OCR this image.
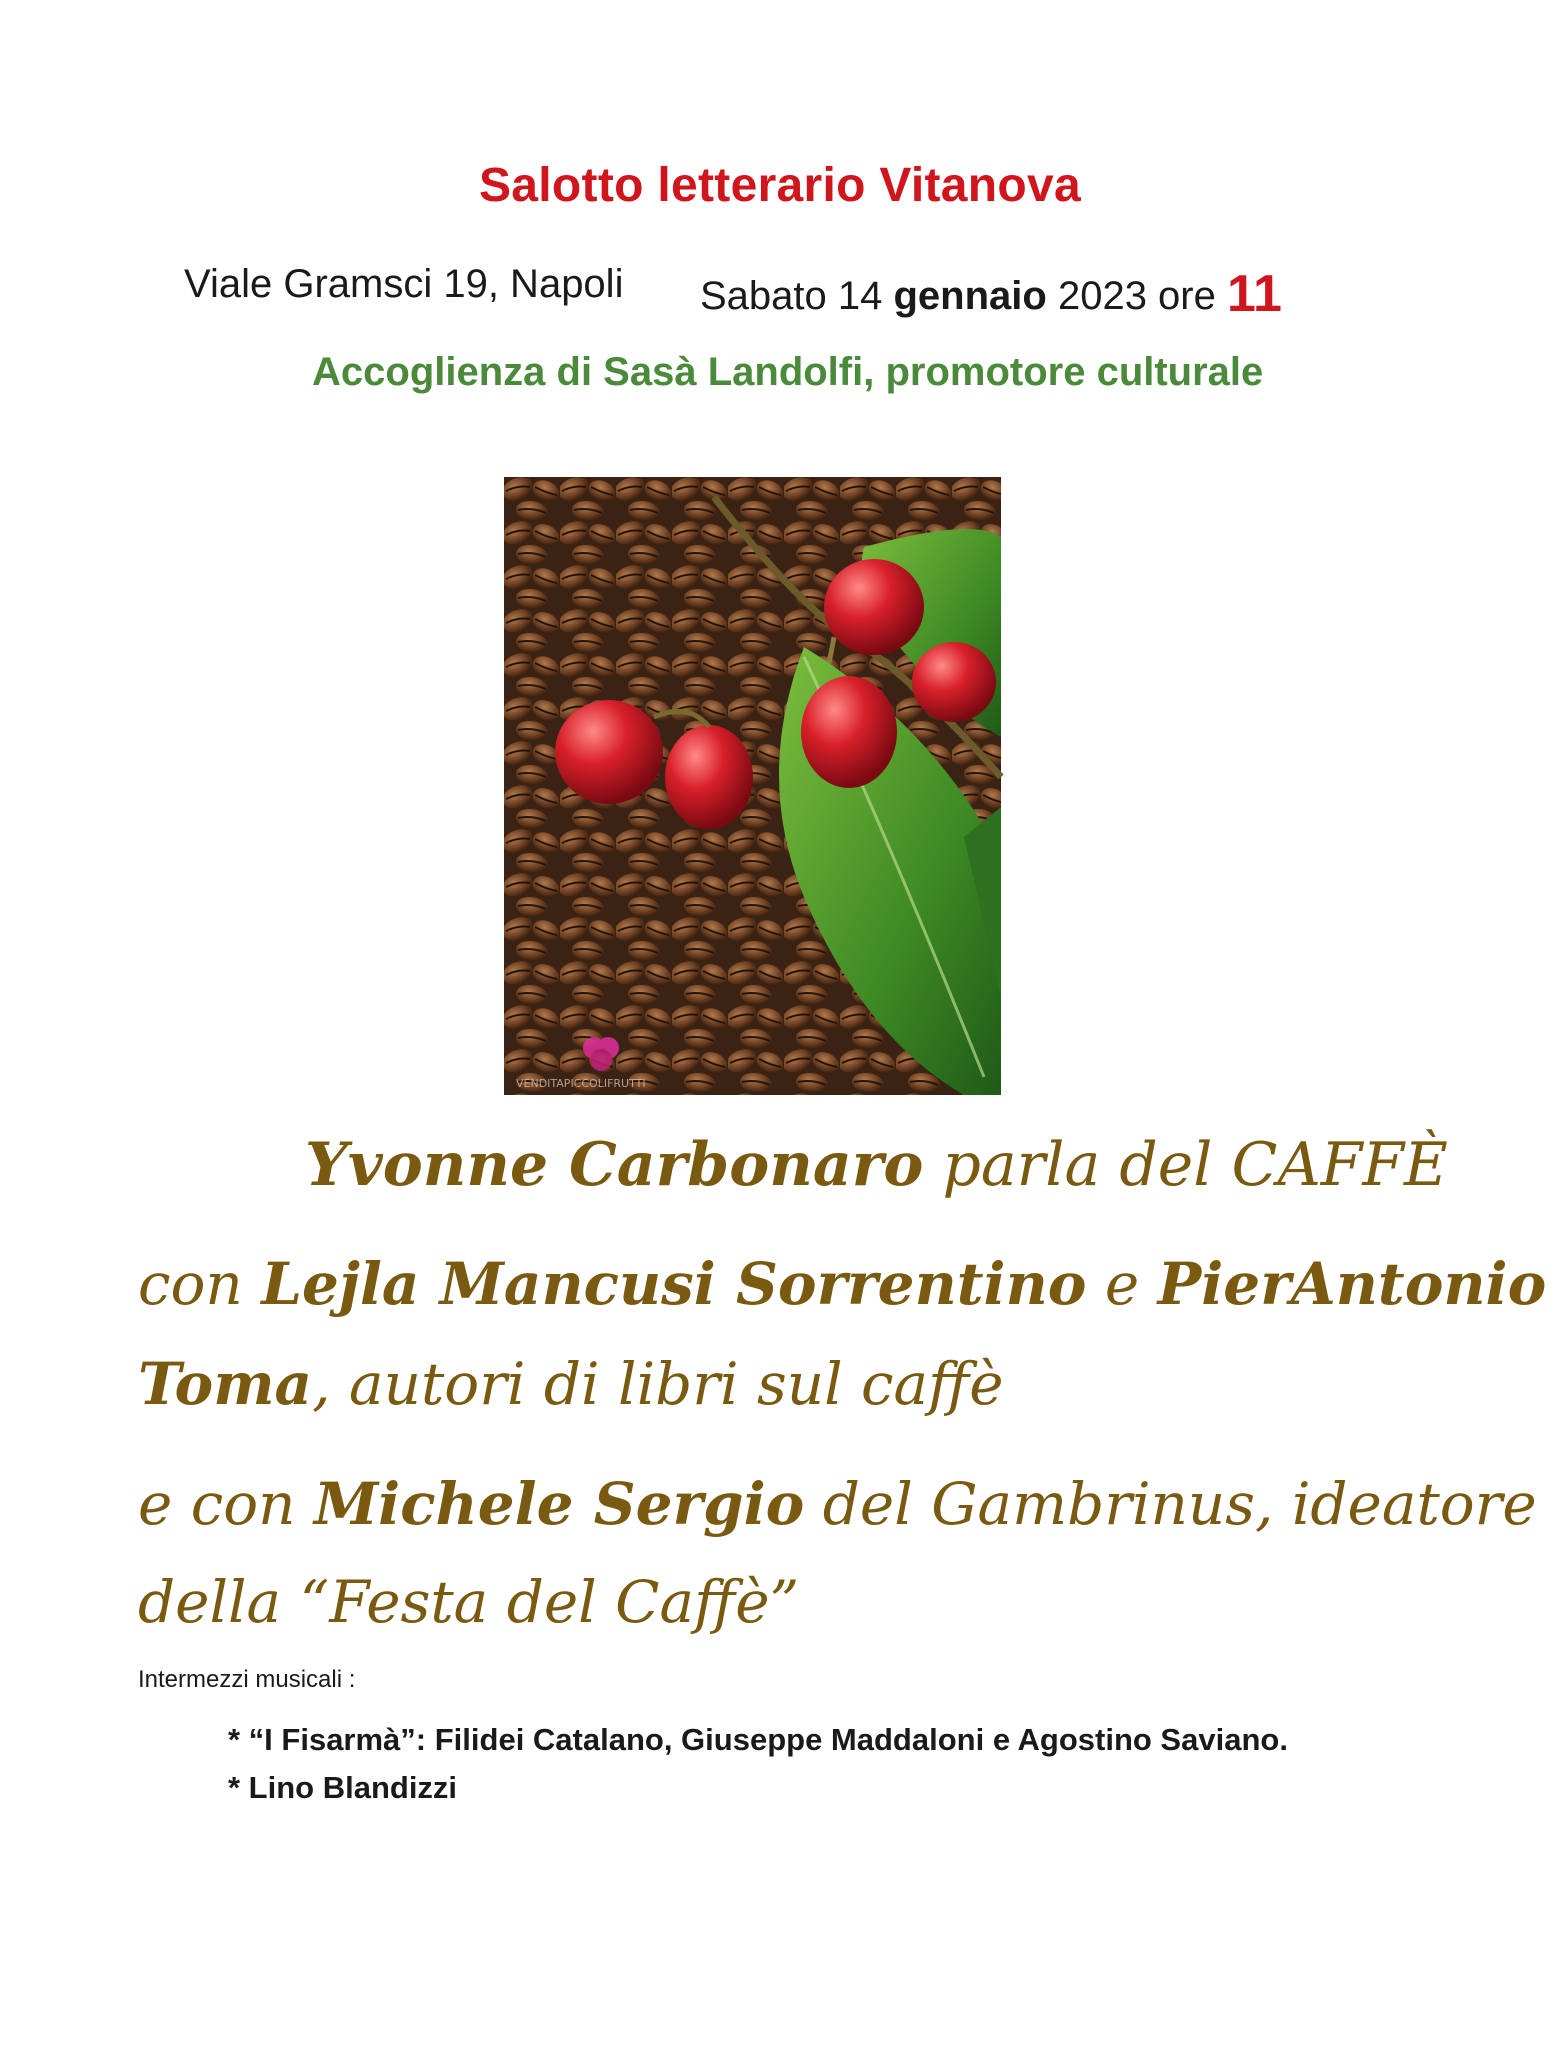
Salotto letterario Vitanova
Viale Gramsci 19, Napoli Sabato 14 gennaio 2023 ore 11
Accoglienza di Sasà Landolfi, promotore culturale
VENDITAPICCOLIFRUTTI
Yvonne Carbonaro parla del CAFFÈ
con Lejla Mancusi Sorrentino e PierAntonio
Toma, autori di libri sul caffè
e con Michele Sergio del Gambrinus, ideatore
della “Festa del Caffè”
Intermezzi musicali :
* “I Fisarmà”: Filidei Catalano, Giuseppe Maddaloni e Agostino Saviano.
* Lino Blandizzi
